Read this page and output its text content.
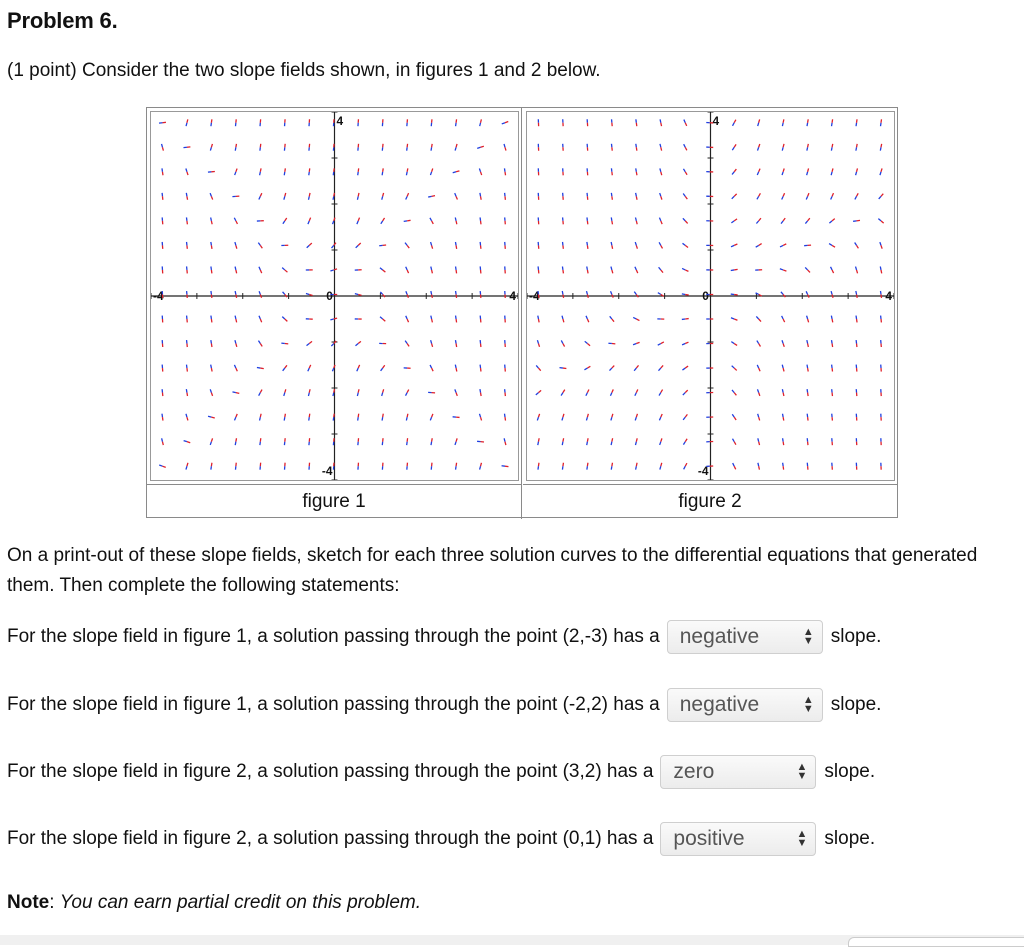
Problem 6.
(1 point) Consider the two slope fields shown, in figures 1 and 2 below.
4
-4
4
-4	0
figure 1
4
-4
4
-4	0
figure 2
On a print-out of these slope fields, sketch for each three solution curves to the differential equations that generated them. Then complete the following statements:
For the slope field in figure 1, a solution passing through the point (2,-3) has a negative	▲
▼ slope.
For the slope field in figure 1, a solution passing through the point (-2,2) has a negative	▲
▼ slope.
For the slope field in figure 2, a solution passing through the point (3,2) has a zero	▲
▼ slope.
For the slope field in figure 2, a solution passing through the point (0,1) has a positive	▲
▼ slope.
Note: You can earn partial credit on this problem.
